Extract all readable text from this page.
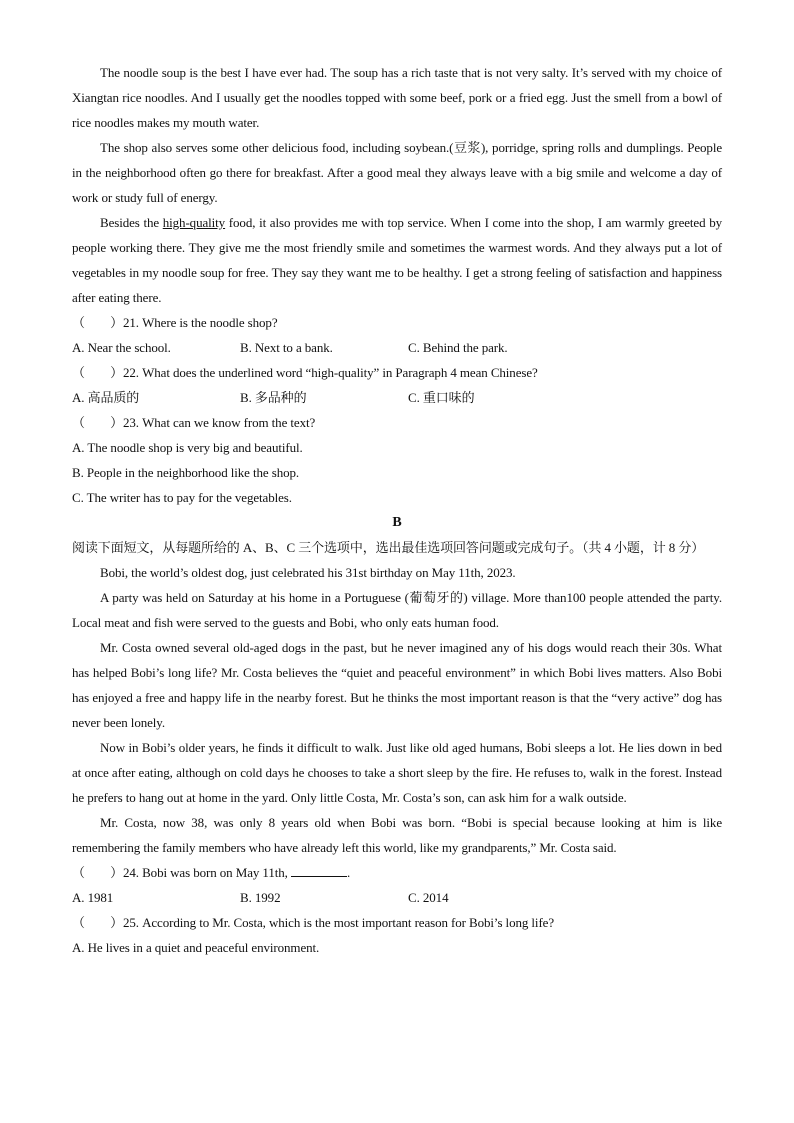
The noodle soup is the best I have ever had. The soup has a rich taste that is not very salty. It’s served with my choice of Xiangtan rice noodles. And I usually get the noodles topped with some beef, pork or a fried egg. Just the smell from a bowl of rice noodles makes my mouth water.

The shop also serves some other delicious food, including soybean.(豆浆), porridge, spring rolls and dumplings. People in the neighborhood often go there for breakfast. After a good meal they always leave with a big smile and welcome a day of work or study full of energy.

Besides the high-quality food, it also provides me with top service. When I come into the shop, I am warmly greeted by people working there. They give me the most friendly smile and sometimes the warmest words. And they always put a lot of vegetables in my noodle soup for free. They say they want me to be healthy. I get a strong feeling of satisfaction and happiness after eating there.

（        ）21. Where is the noodle shop?

A. Near the school.	B. Next to a bank.	C. Behind the park.

（        ）22. What does the underlined word “high-quality” in Paragraph 4 mean Chinese?

A. 高品质的	B. 多品种的	C. 重口味的

（        ）23. What can we know from the text?

A. The noodle shop is very big and beautiful.

B. People in the neighborhood like the shop.

C. The writer has to pay for the vegetables.

B

阅读下面短文，从每题所给的 A、B、C 三个选项中，选出最佳选项回答问题或完成句子。（共 4 小题，计 8 分）

Bobi, the world’s oldest dog, just celebrated his 31st birthday on May 11th, 2023.

A party was held on Saturday at his home in a Portuguese (葡萄牙的) village. More than100 people attended the party. Local meat and fish were served to the guests and Bobi, who only eats human food.

Mr. Costa owned several old-aged dogs in the past, but he never imagined any of his dogs would reach their 30s. What has helped Bobi’s long life? Mr. Costa believes the “quiet and peaceful environment” in which Bobi lives matters. Also Bobi has enjoyed a free and happy life in the nearby forest. But he thinks the most important reason is that the “very active” dog has never been lonely.

Now in Bobi’s older years, he finds it difficult to walk. Just like old aged humans, Bobi sleeps a lot. He lies down in bed at once after eating, although on cold days he chooses to take a short sleep by the fire. He refuses to, walk in the forest. Instead he prefers to hang out at home in the yard. Only little Costa, Mr. Costa’s son, can ask him for a walk outside.

Mr. Costa, now 38, was only 8 years old when Bobi was born. “Bobi is special because looking at him is like remembering the family members who have already left this world, like my grandparents,” Mr. Costa said.

（        ）24. Bobi was born on May 11th,	.

A. 1981	B. 1992	C. 2014

（        ）25. According to Mr. Costa, which is the most important reason for Bobi’s long life?

A. He lives in a quiet and peaceful environment.
